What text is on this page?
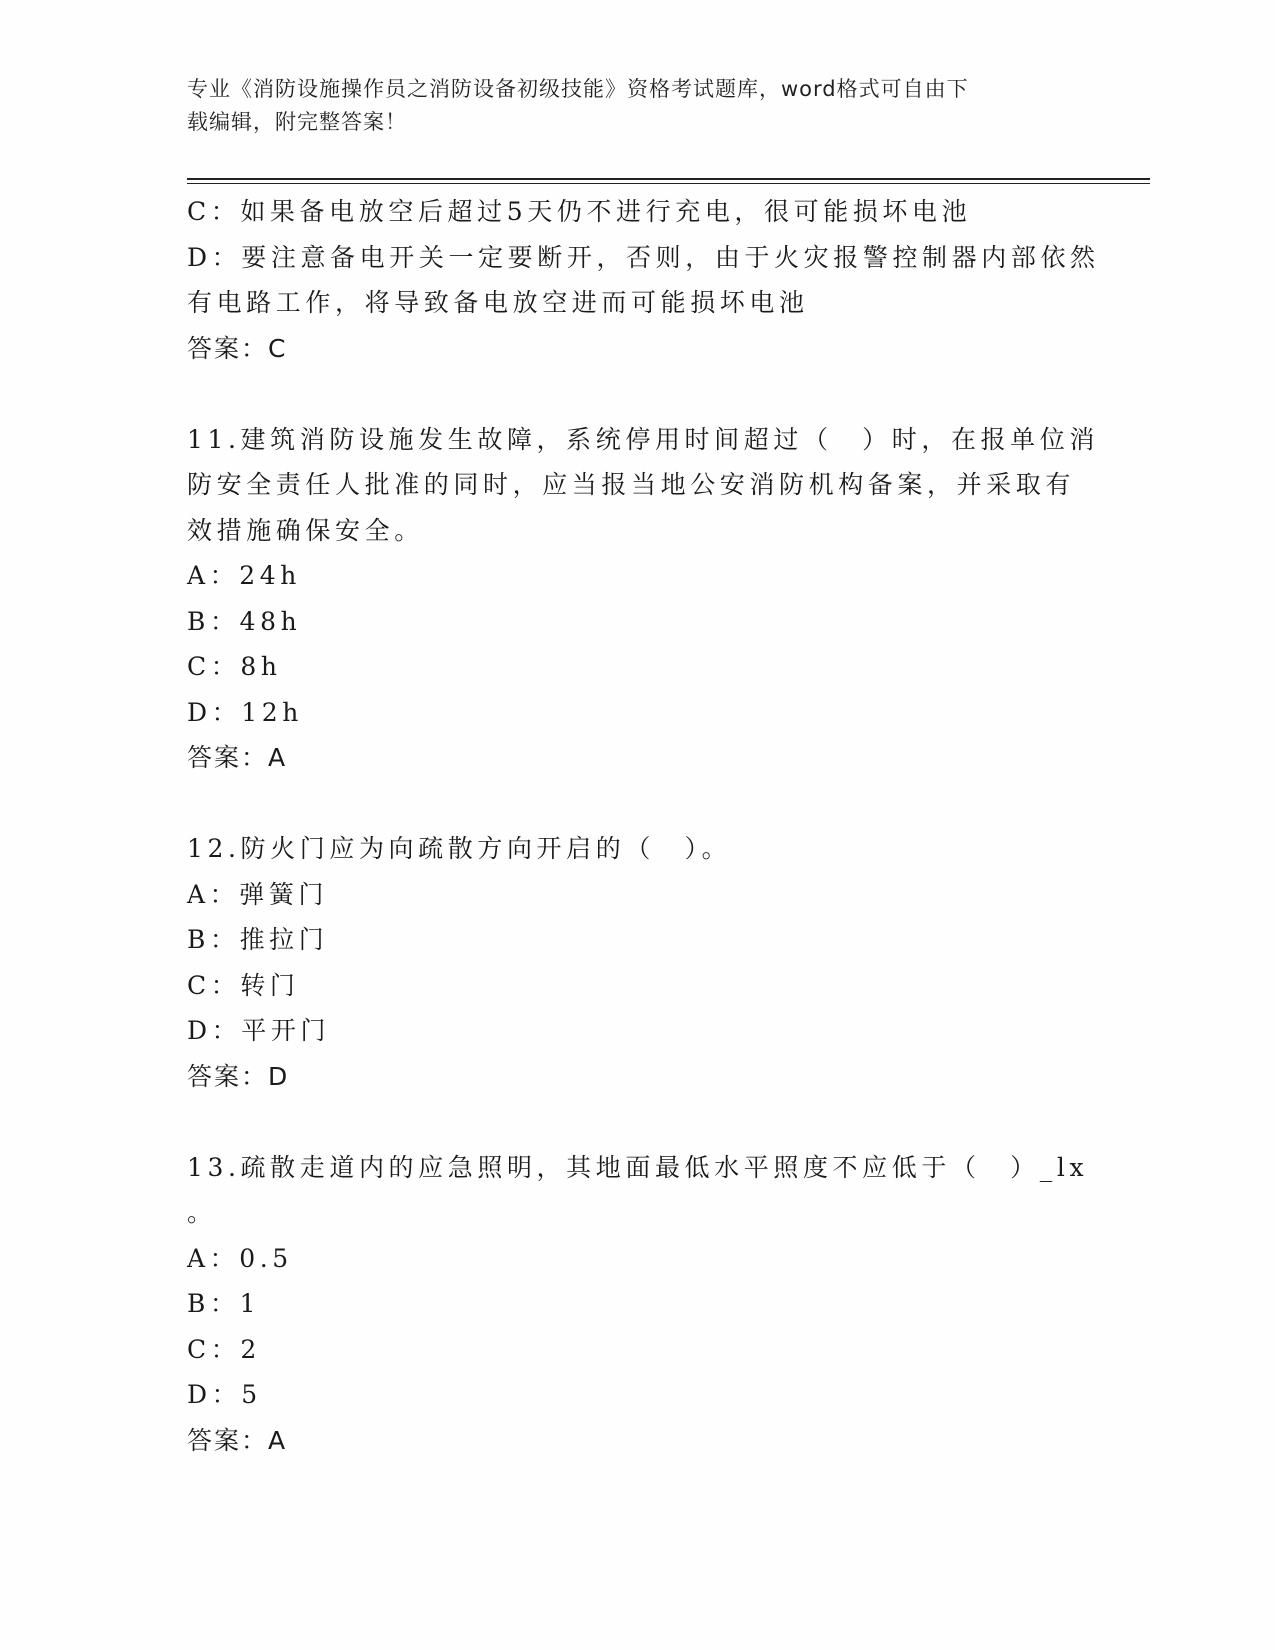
专业《消防设施操作员之消防设备初级技能》资格考试题库，word格式可自由下
载编辑，附完整答案！
C：如果备电放空后超过5天仍不进行充电，很可能损坏电池
D：要注意备电开关一定要断开，否则，由于火灾报警控制器内部依然
有电路工作，将导致备电放空进而可能损坏电池
答案：C
11.建筑消防设施发生故障，系统停用时间超过（　）时，在报单位消
防安全责任人批准的同时，应当报当地公安消防机构备案，并采取有
效措施确保安全。
A：24h
B：48h
C：8h
D：12h
答案：A
12.防火门应为向疏散方向开启的（　）。
A：弹簧门
B：推拉门
C：转门
D：平开门
答案：D
13.疏散走道内的应急照明，其地面最低水平照度不应低于（　）_lx
。
A：0.5
B：1
C：2
D：5
答案：A
